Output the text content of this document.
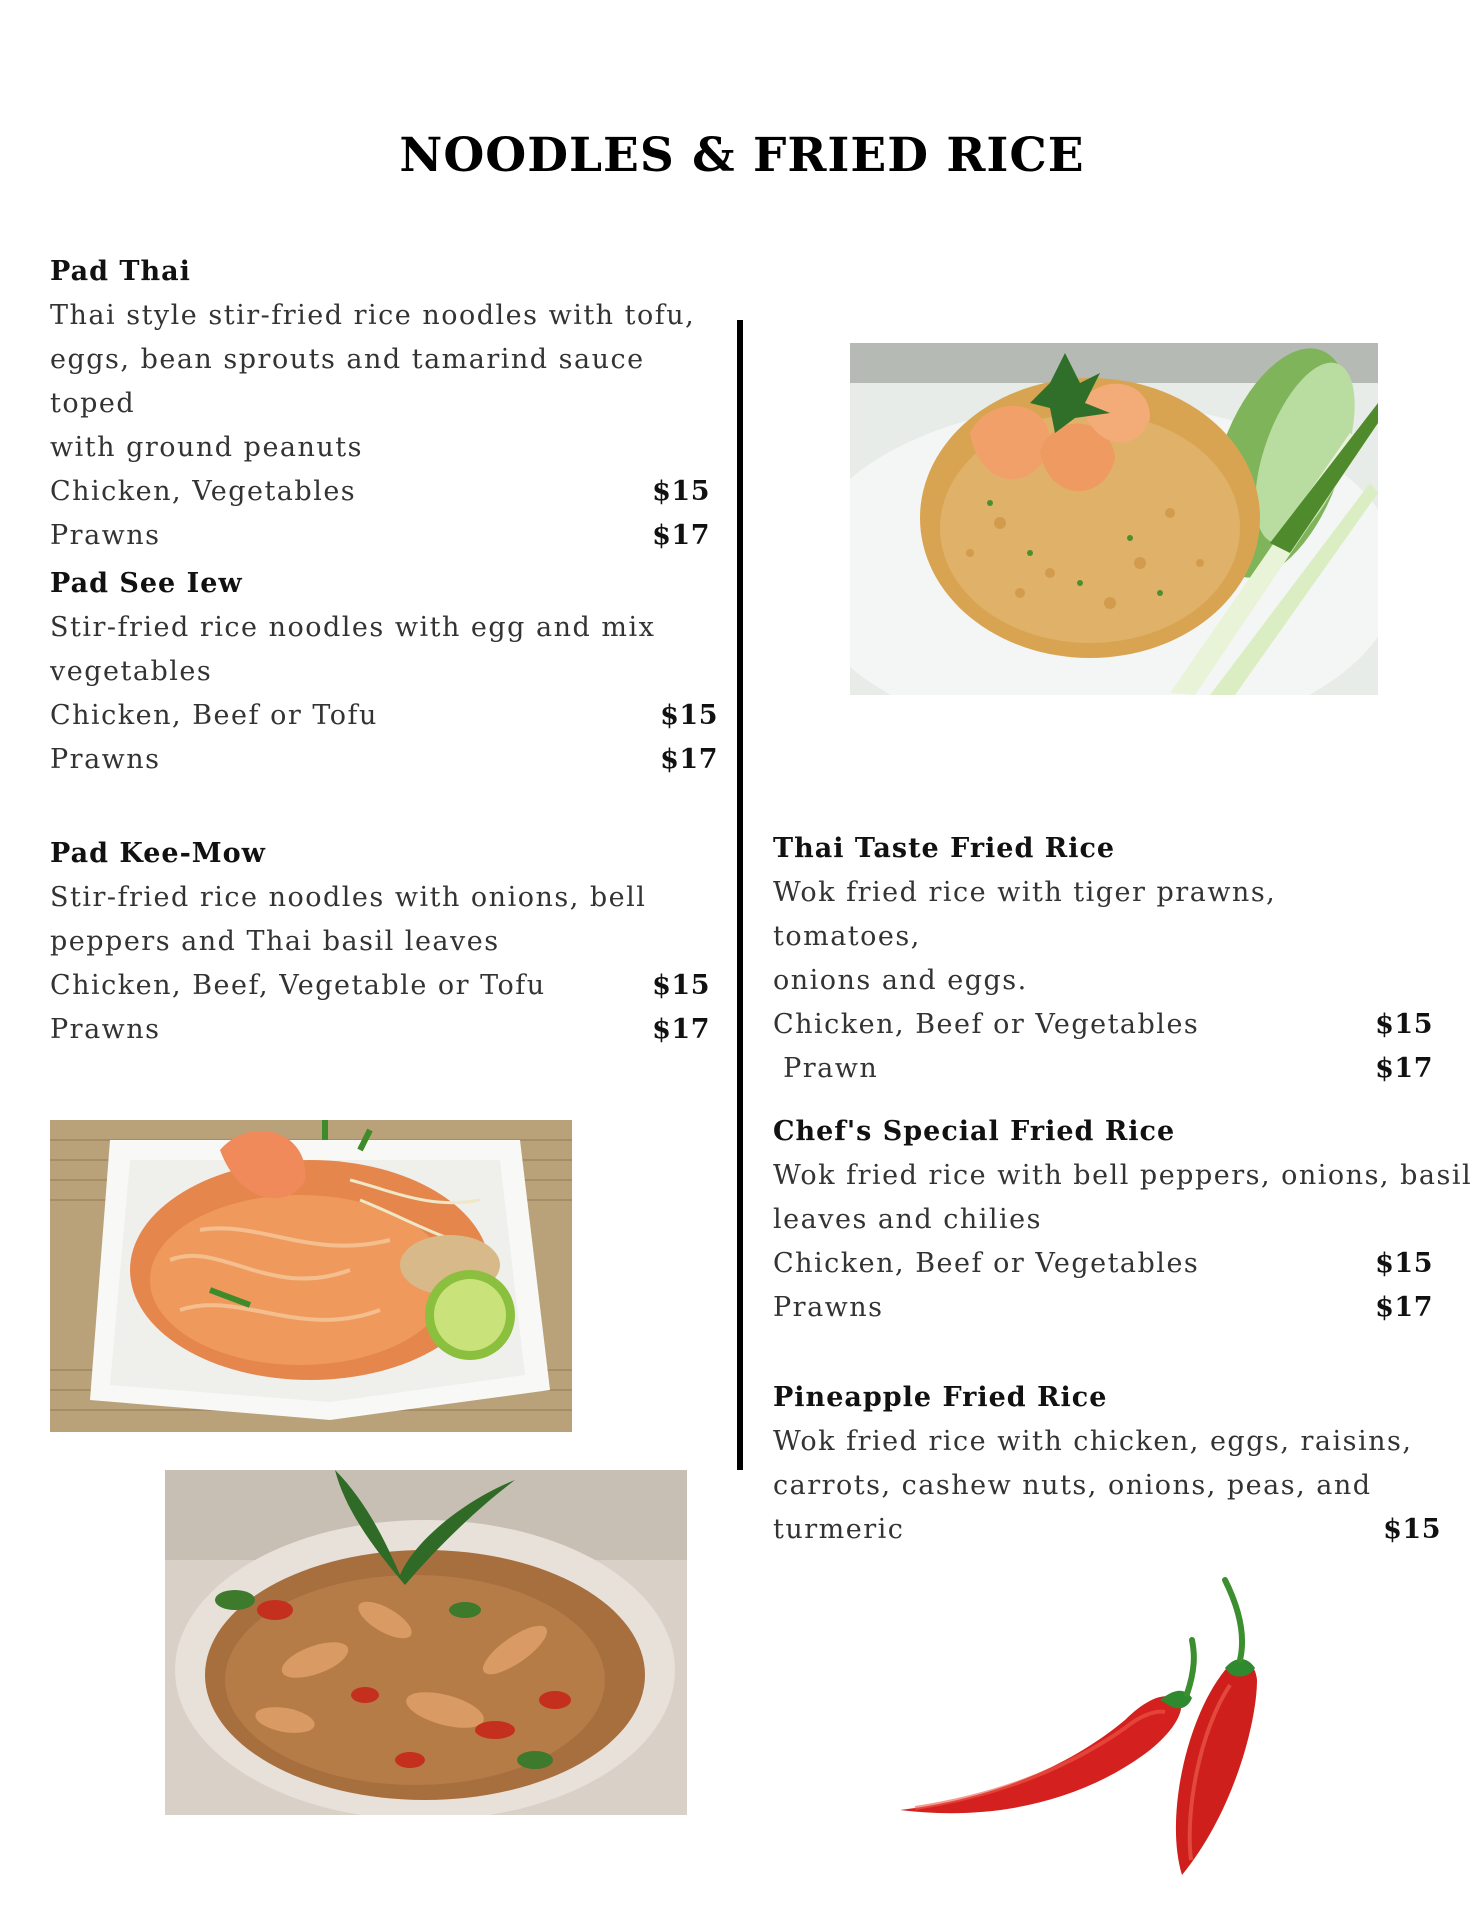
NOODLES & FRIED RICE
Pad Thai
Thai style stir-fried rice noodles with tofu,
eggs, bean sprouts and tamarind sauce toped
with ground peanuts
Chicken, Vegetables	$15
Prawns	$17
Pad See Iew
Stir-fried rice noodles with egg and mix
vegetables
Chicken, Beef or Tofu	$15
Prawns	$17
Pad Kee-Mow
Stir-fried rice noodles with onions, bell
peppers and Thai basil leaves
Chicken, Beef, Vegetable or Tofu	$15
Prawns	$17
Thai Taste Fried Rice
Wok fried rice with tiger prawns, tomatoes,
onions and eggs.
Chicken, Beef or Vegetables	$15
Prawn	$17
Chef's Special Fried Rice
Wok fried rice with bell peppers, onions, basil
leaves and chilies
Chicken, Beef or Vegetables	$15
Prawns	$17
Pineapple Fried Rice
Wok fried rice with chicken, eggs, raisins,
carrots, cashew nuts, onions, peas, and
turmeric	$15
